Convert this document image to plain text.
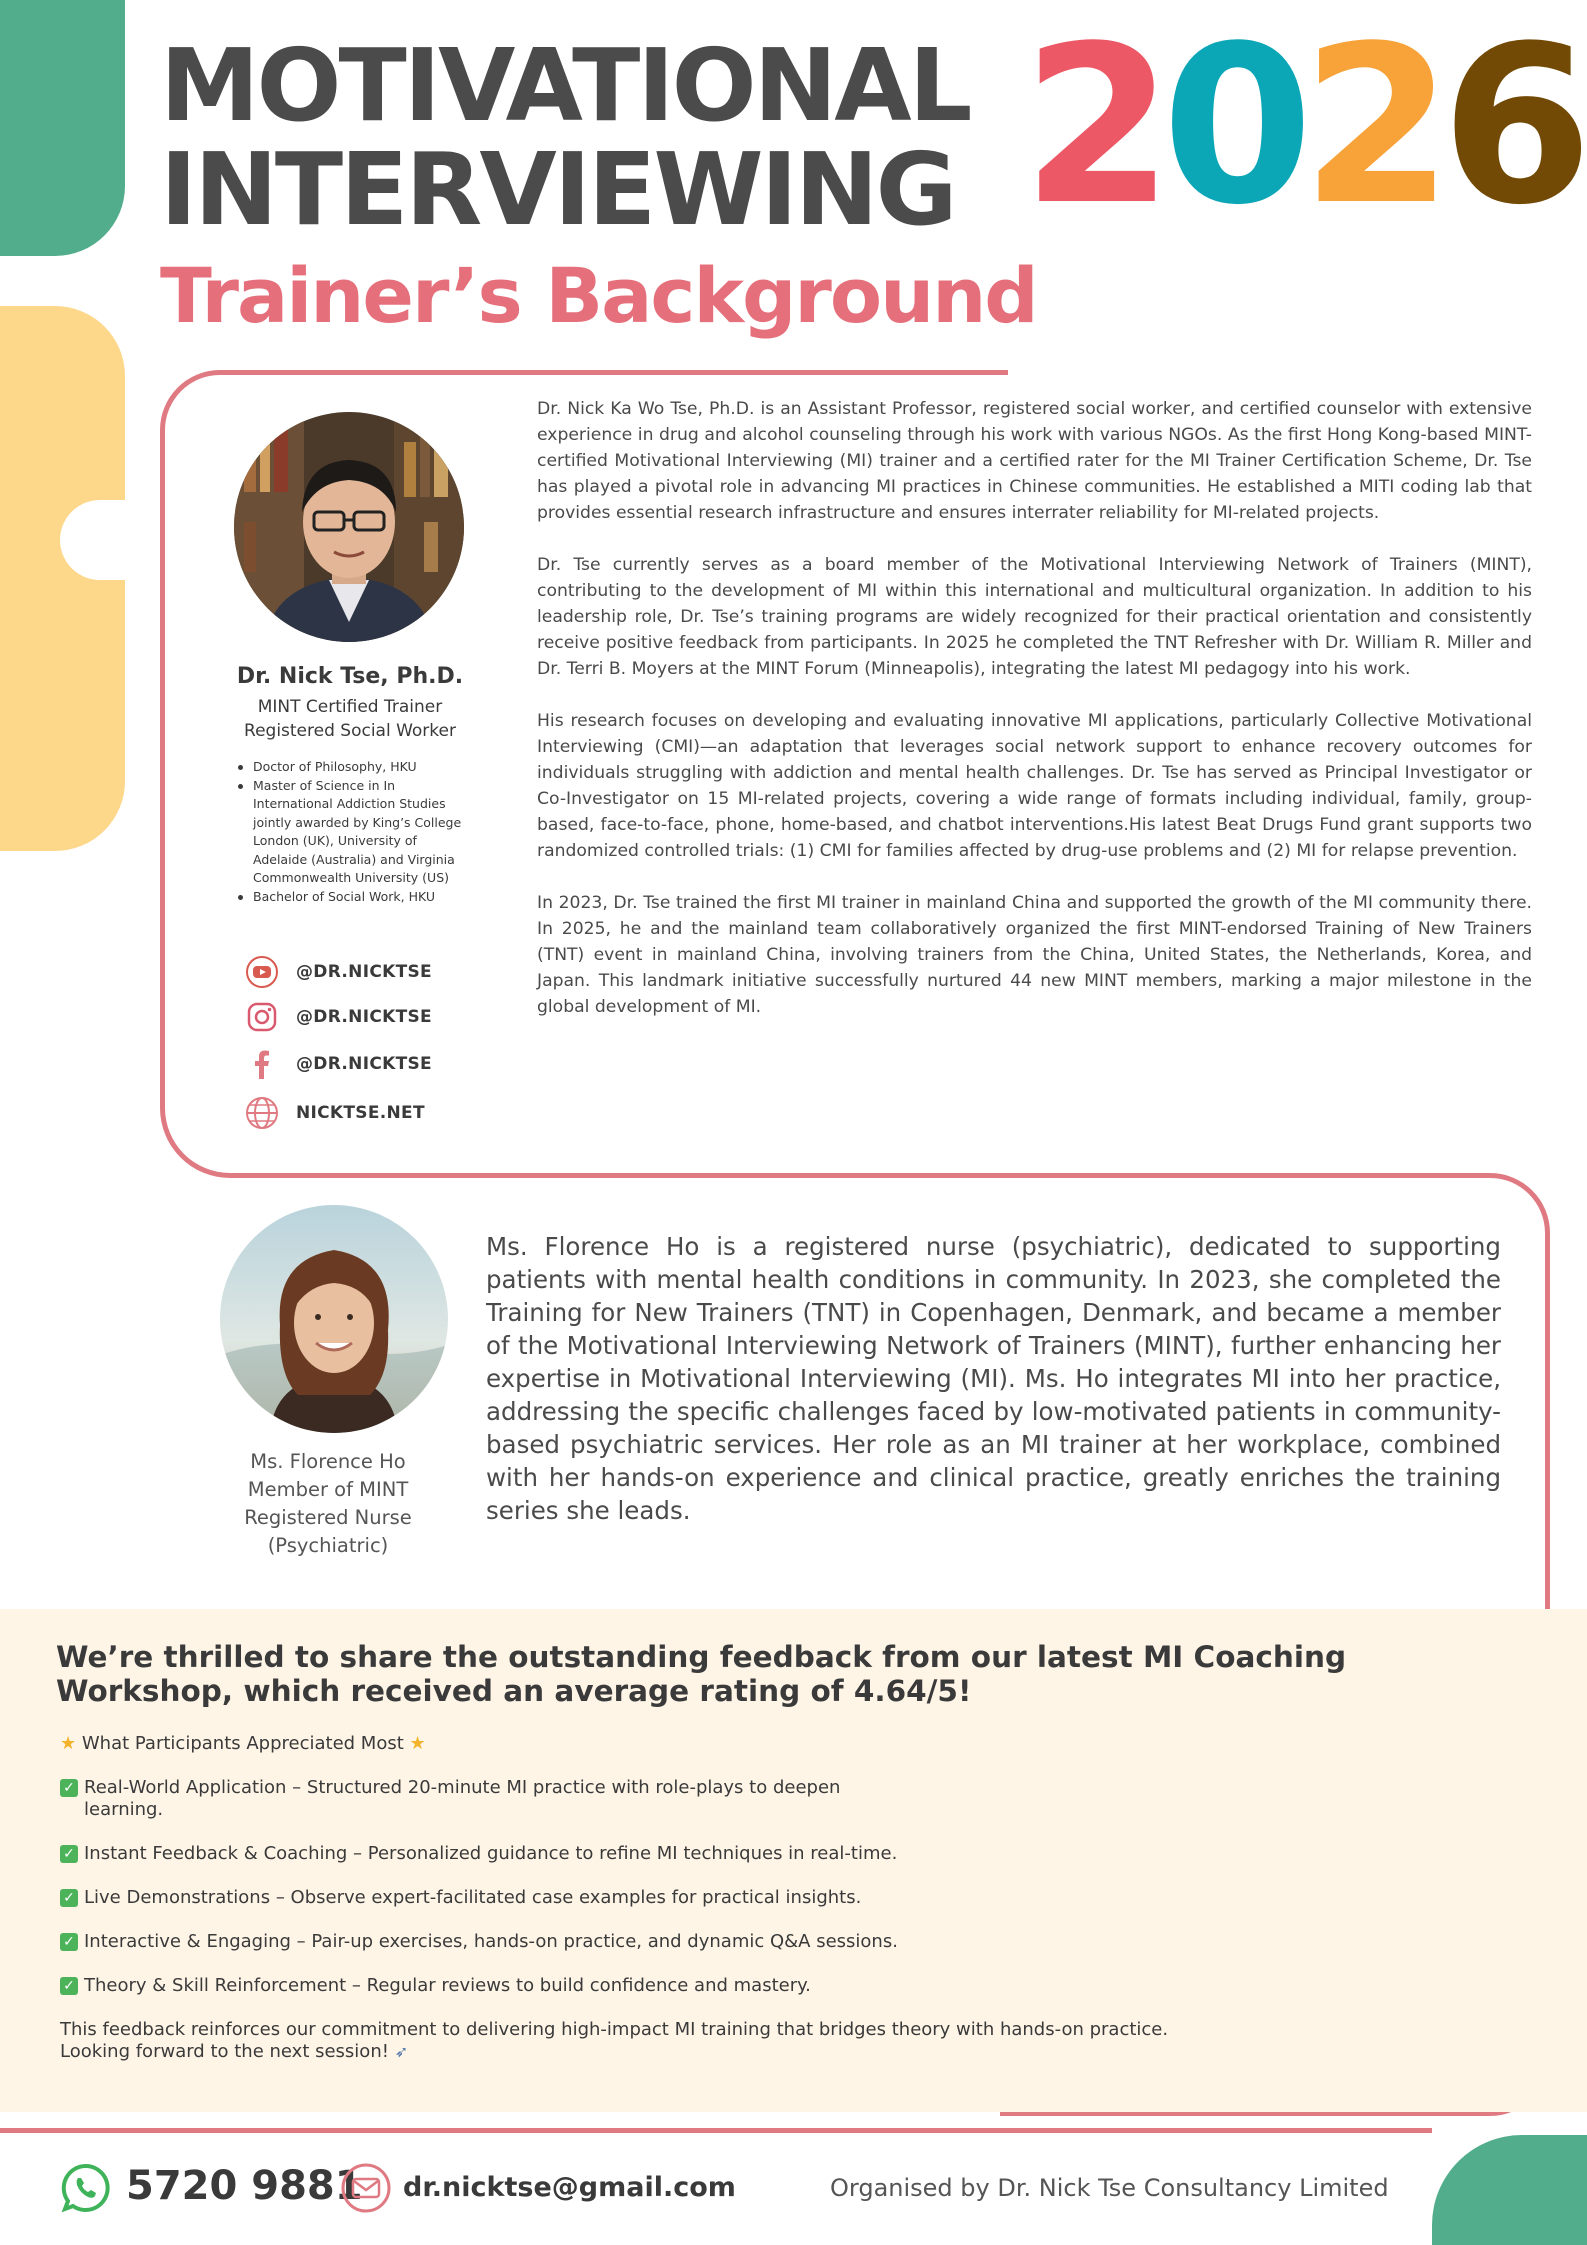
MOTIVATIONAL
INTERVIEWING 2026
Trainer’s Background
Dr. Nick Tse, Ph.D.
MINT Certified Trainer
Registered Social Worker
Doctor of Philosophy, HKU
Master of Science in In International Addiction Studies jointly awarded by King’s College London (UK), University of Adelaide (Australia) and Virginia Commonwealth University (US)
Bachelor of Social Work, HKU
@DR.NICKTSE
@DR.NICKTSE
@DR.NICKTSE
NICKTSE.NET

Dr. Nick Ka Wo Tse, Ph.D. is an Assistant Professor, registered social worker, and certified counselor with extensive experience in drug and alcohol counseling through his work with various NGOs. As the first Hong Kong-based MINT-certified Motivational Interviewing (MI) trainer and a certified rater for the MI Trainer Certification Scheme, Dr. Tse has played a pivotal role in advancing MI practices in Chinese communities. He established a MITI coding lab that provides essential research infrastructure and ensures interrater reliability for MI-related projects.

Dr. Tse currently serves as a board member of the Motivational Interviewing Network of Trainers (MINT), contributing to the development of MI within this international and multicultural organization. In addition to his leadership role, Dr. Tse’s training programs are widely recognized for their practical orientation and consistently receive positive feedback from participants. In 2025 he completed the TNT Refresher with Dr. William R. Miller and Dr. Terri B. Moyers at the MINT Forum (Minneapolis), integrating the latest MI pedagogy into his work.

His research focuses on developing and evaluating innovative MI applications, particularly Collective Motivational Interviewing (CMI)—an adaptation that leverages social network support to enhance recovery outcomes for individuals struggling with addiction and mental health challenges. Dr. Tse has served as Principal Investigator or Co-Investigator on 15 MI-related projects, covering a wide range of formats including individual, family, group-based, face-to-face, phone, home-based, and chatbot interventions.His latest Beat Drugs Fund grant supports two randomized controlled trials: (1) CMI for families affected by drug-use problems and (2) MI for relapse prevention.

In 2023, Dr. Tse trained the first MI trainer in mainland China and supported the growth of the MI community there. In 2025, he and the mainland team collaboratively organized the first MINT-endorsed Training of New Trainers (TNT) event in mainland China, involving trainers from the China, United States, the Netherlands, Korea, and Japan. This landmark initiative successfully nurtured 44 new MINT members, marking a major milestone in the global development of MI.

Ms. Florence Ho
Member of MINT
Registered Nurse
(Psychiatric)
Ms. Florence Ho is a registered nurse (psychiatric), dedicated to supporting patients with mental health conditions in community. In 2023, she completed the Training for New Trainers (TNT) in Copenhagen, Denmark, and became a member of the Motivational Interviewing Network of Trainers (MINT), further enhancing her expertise in Motivational Interviewing (MI). Ms. Ho integrates MI into her practice, addressing the specific challenges faced by low-motivated patients in community-based psychiatric services. Her role as an MI trainer at her workplace, combined with her hands-on experience and clinical practice, greatly enriches the training series she leads.
We’re thrilled to share the outstanding feedback from our latest MI Coaching Workshop, which received an average rating of 4.64/5!
★ What Participants Appreciated Most ★
✓ Real-World Application – Structured 20-minute MI practice with role-plays to deepen learning.
✓ Instant Feedback & Coaching – Personalized guidance to refine MI techniques in real-time.
✓ Live Demonstrations – Observe expert-facilitated case examples for practical insights.
✓ Interactive & Engaging – Pair-up exercises, hands-on practice, and dynamic Q&A sessions.
✓ Theory & Skill Reinforcement – Regular reviews to build confidence and mastery.
This feedback reinforces our commitment to delivering high-impact MI training that bridges theory with hands-on practice.
Looking forward to the next session! ➶
5720 9881 dr.nicktse@gmail.com	Organised by Dr. Nick Tse Consultancy Limited
